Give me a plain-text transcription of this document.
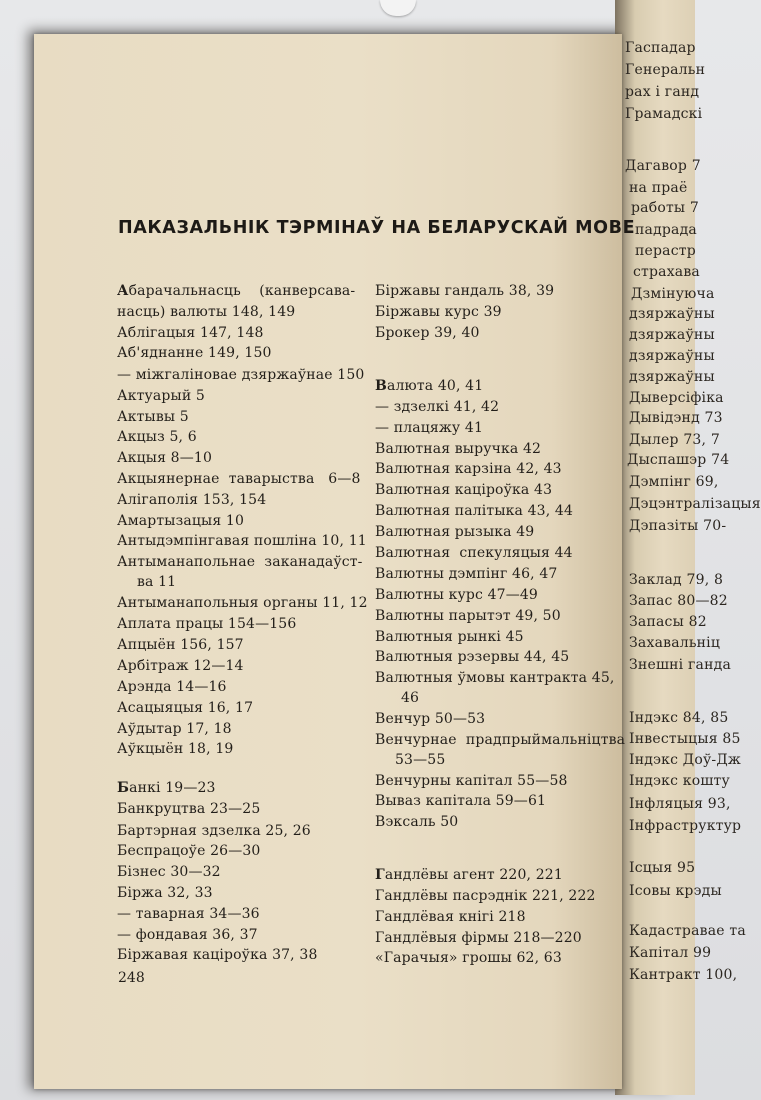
Гаспадар
Генеральн
рах і ганд
Грамадскі
Дагавор 7
на праё
работы 7
падрада
перастр
страхава
Дзмінуюча
дзяржаўны
дзяржаўны
дзяржаўны
дзяржаўны
Дыверсіфіка
Дывідэнд 73
Дылер 73, 7
Дыспашэр 74
Дэмпінг 69,
Дэцэнтралізацыя
Дэпазіты 70-
Заклад 79, 8
Запас 80—82
Запасы 82
Захавальніц
Знешні ганда
Індэкс 84, 85
Інвестыцыя 85
Індэкс Доў-Дж
Індэкс кошту
Інфляцыя 93,
Інфраструктур
Ісцыя 95
Ісовы крэды
Кадастравае та
Капітал 99
Кантракт 100,
ПАКАЗАЛЬНІК ТЭРМІНАЎ НА БЕЛАРУСКАЙ МОВЕ
Абарачальнасць    (канверсава-
насць) валюты 148, 149
Аблігацыя 147, 148
Аб'яднанне 149, 150
— міжгаліновае дзяржаўнае 150
Актуарый 5
Актывы 5
Акцыз 5, 6
Акцыя 8—10
Акцыянернае  таварыства   6—8
Алігаполія 153, 154
Амартызацыя 10
Антыдэмпінгавая пошліна 10, 11
Антыманапольнае  заканадаўст-
ва 11
Антыманапольныя органы 11, 12
Аплата працы 154—156
Апцыён 156, 157
Арбітраж 12—14
Арэнда 14—16
Асацыяцыя 16, 17
Аўдытар 17, 18
Аўкцыён 18, 19
Банкі 19—23
Банкруцтва 23—25
Бартэрная здзелка 25, 26
Беспрацоўе 26—30
Бізнес 30—32
Біржа 32, 33
— таварная 34—36
— фондавая 36, 37
Біржавая каціроўка 37, 38
Біржавы гандаль 38, 39
Біржавы курс 39
Брокер 39, 40
Валюта 40, 41
— здзелкі 41, 42
— плацяжу 41
Валютная выручка 42
Валютная карзіна 42, 43
Валютная каціроўка 43
Валютная палітыка 43, 44
Валютная рызыка 49
Валютная  спекуляцыя 44
Валютны дэмпінг 46, 47
Валютны курс 47—49
Валютны парытэт 49, 50
Валютныя рынкі 45
Валютныя рэзервы 44, 45
Валютныя ўмовы кантракта 45,
46
Венчур 50—53
Венчурнае  прадпрыймальніцтва
53—55
Венчурны капітал 55—58
Вываз капітала 59—61
Вэксаль 50
Гандлёвы агент 220, 221
Гандлёвы пасрэднік 221, 222
Гандлёвая кнігі 218
Гандлёвыя фірмы 218—220
«Гарачыя» грошы 62, 63
248
